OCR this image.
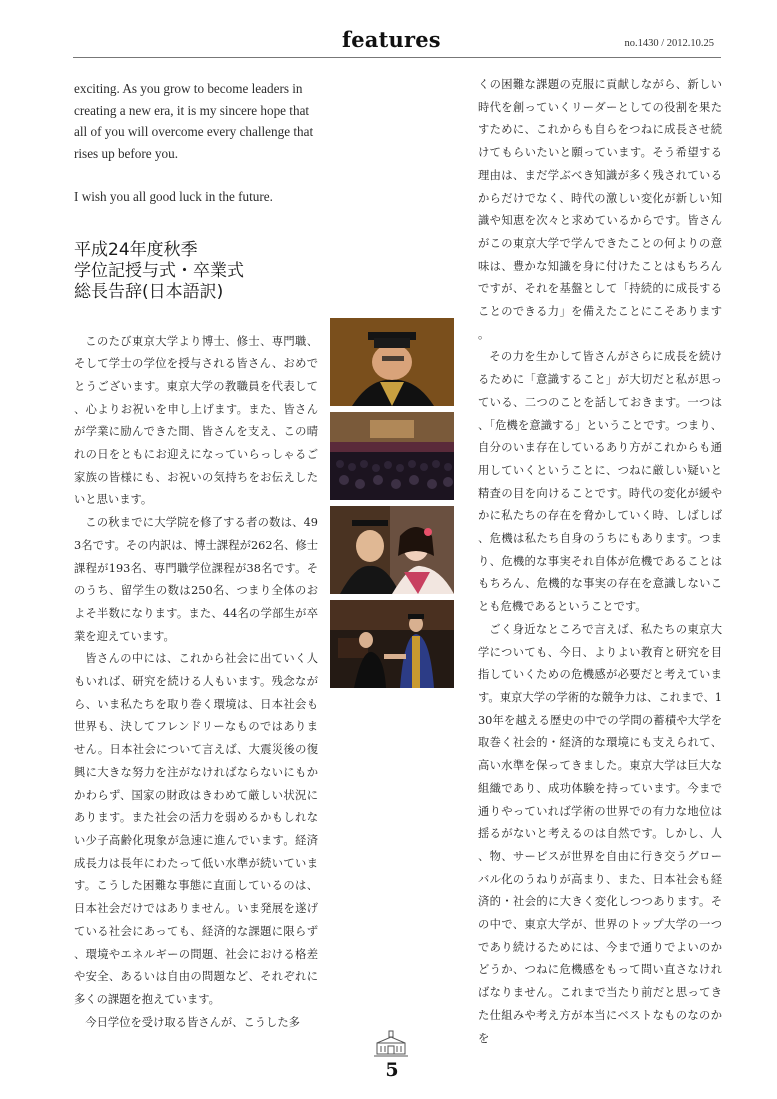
features	no.1430 / 2012.10.25

exciting. As you grow to become leaders in creating a new era, it is my sincere hope that all of you will overcome every challenge that rises up before you.

I wish you all good luck in the future.

平成24年度秋季
学位記授与式・卒業式
総長告辞(日本語訳)

このたび東京大学より博士、修士、専門職、そして学士の学位を授与される皆さん、おめでとうございます。東京大学の教職員を代表して、心よりお祝いを申し上げます。また、皆さんが学業に励んできた間、皆さんを支え、この晴れの日をともにお迎えになっていらっしゃるご家族の皆様にも、お祝いの気持ちをお伝えしたいと思います。

この秋までに大学院を修了する者の数は、493名です。その内訳は、博士課程が262名、修士課程が193名、専門職学位課程が38名です。そのうち、留学生の数は250名、つまり全体のおよそ半数になります。また、44名の学部生が卒業を迎えています。

皆さんの中には、これから社会に出ていく人もいれば、研究を続ける人もいます。残念ながら、いま私たちを取り巻く環境は、日本社会も世界も、決してフレンドリーなものではありません。日本社会について言えば、大震災後の復興に大きな努力を注がなければならないにもかかわらず、国家の財政はきわめて厳しい状況にあります。また社会の活力を弱めるかもしれない少子高齢化現象が急速に進んでいます。経済成長力は長年にわたって低い水準が続いています。こうした困難な事態に直面しているのは、日本社会だけではありません。いま発展を遂げている社会にあっても、経済的な課題に限らず、環境やエネルギーの問題、社会における格差や安全、あるいは自由の問題など、それぞれに多くの課題を抱えています。

今日学位を受け取る皆さんが、こうした多

くの困難な課題の克服に貢献しながら、新しい時代を創っていくリーダーとしての役割を果たすために、これからも自らをつねに成長させ続けてもらいたいと願っています。そう希望する理由は、まだ学ぶべき知識が多く残されているからだけでなく、時代の激しい変化が新しい知識や知恵を次々と求めているからです。皆さんがこの東京大学で学んできたことの何よりの意味は、豊かな知識を身に付けたことはもちろんですが、それを基盤として「持続的に成長することのできる力」を備えたことにこそあります。

その力を生かして皆さんがさらに成長を続けるために「意識すること」が大切だと私が思っている、二つのことを話しておきます。一つは、「危機を意識する」ということです。つまり、自分のいま存在しているあり方がこれからも通用していくということに、つねに厳しい疑いと精査の目を向けることです。時代の変化が緩やかに私たちの存在を脅かしていく時、しばしば、危機は私たち自身のうちにもあります。つまり、危機的な事実それ自体が危機であることはもちろん、危機的な事実の存在を意識しないことも危機であるということです。

ごく身近なところで言えば、私たちの東京大学についても、今日、よりよい教育と研究を目指していくための危機感が必要だと考えています。東京大学の学術的な競争力は、これまで、130年を越える歴史の中での学問の蓄積や大学を取巻く社会的・経済的な環境にも支えられて、高い水準を保ってきました。東京大学は巨大な組織であり、成功体験を持っています。今まで通りやっていれば学術の世界での有力な地位は揺るがないと考えるのは自然です。しかし、人、物、サービスが世界を自由に行き交うグローバル化のうねりが高まり、また、日本社会も経済的・社会的に大きく変化しつつあります。その中で、東京大学が、世界のトップ大学の一つであり続けるためには、今まで通りでよいのかどうか、つねに危機感をもって問い直さなければなりません。これまで当たり前だと思ってきた仕組みや考え方が本当にベストなものなのかを

5
